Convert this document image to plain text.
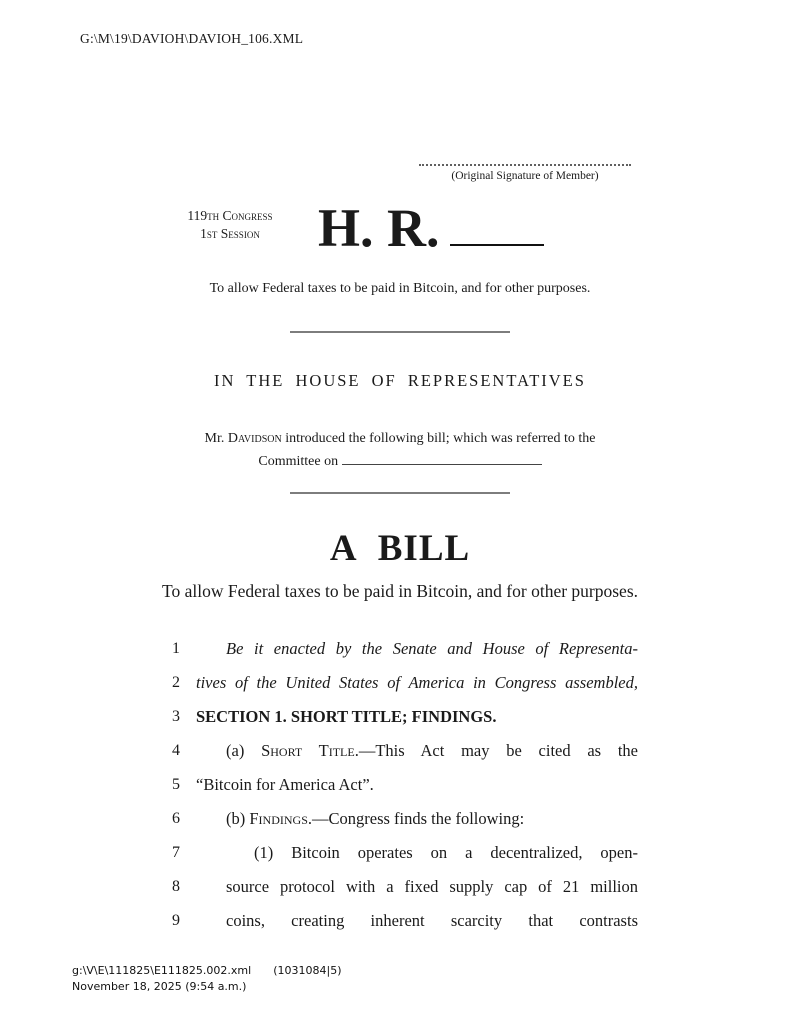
G:\M\19\DAVIOH\DAVIOH_106.XML
(Original Signature of Member)
119th Congress
1st Session	H. R.
To allow Federal taxes to be paid in Bitcoin, and for other purposes.
IN THE HOUSE OF REPRESENTATIVES
Mr. Davidson introduced the following bill; which was referred to the
Committee on
A BILL
To allow Federal taxes to be paid in Bitcoin, and for other purposes.
1	Be it enacted by the Senate and House of Representa-
2 tives of the United States of America in Congress assembled,
3 SECTION 1. SHORT TITLE; FINDINGS.
4	(a) Short Title.—This Act may be cited as the
5 “Bitcoin for America Act”.
6	(b) Findings.—Congress finds the following:
7	(1) Bitcoin operates on a decentralized, open-
8	source protocol with a fixed supply cap of 21 million
9	coins, creating inherent scarcity that contrasts
g:\V\E\111825\E111825.002.xml (1031084|5)
November 18, 2025 (9:54 a.m.)
